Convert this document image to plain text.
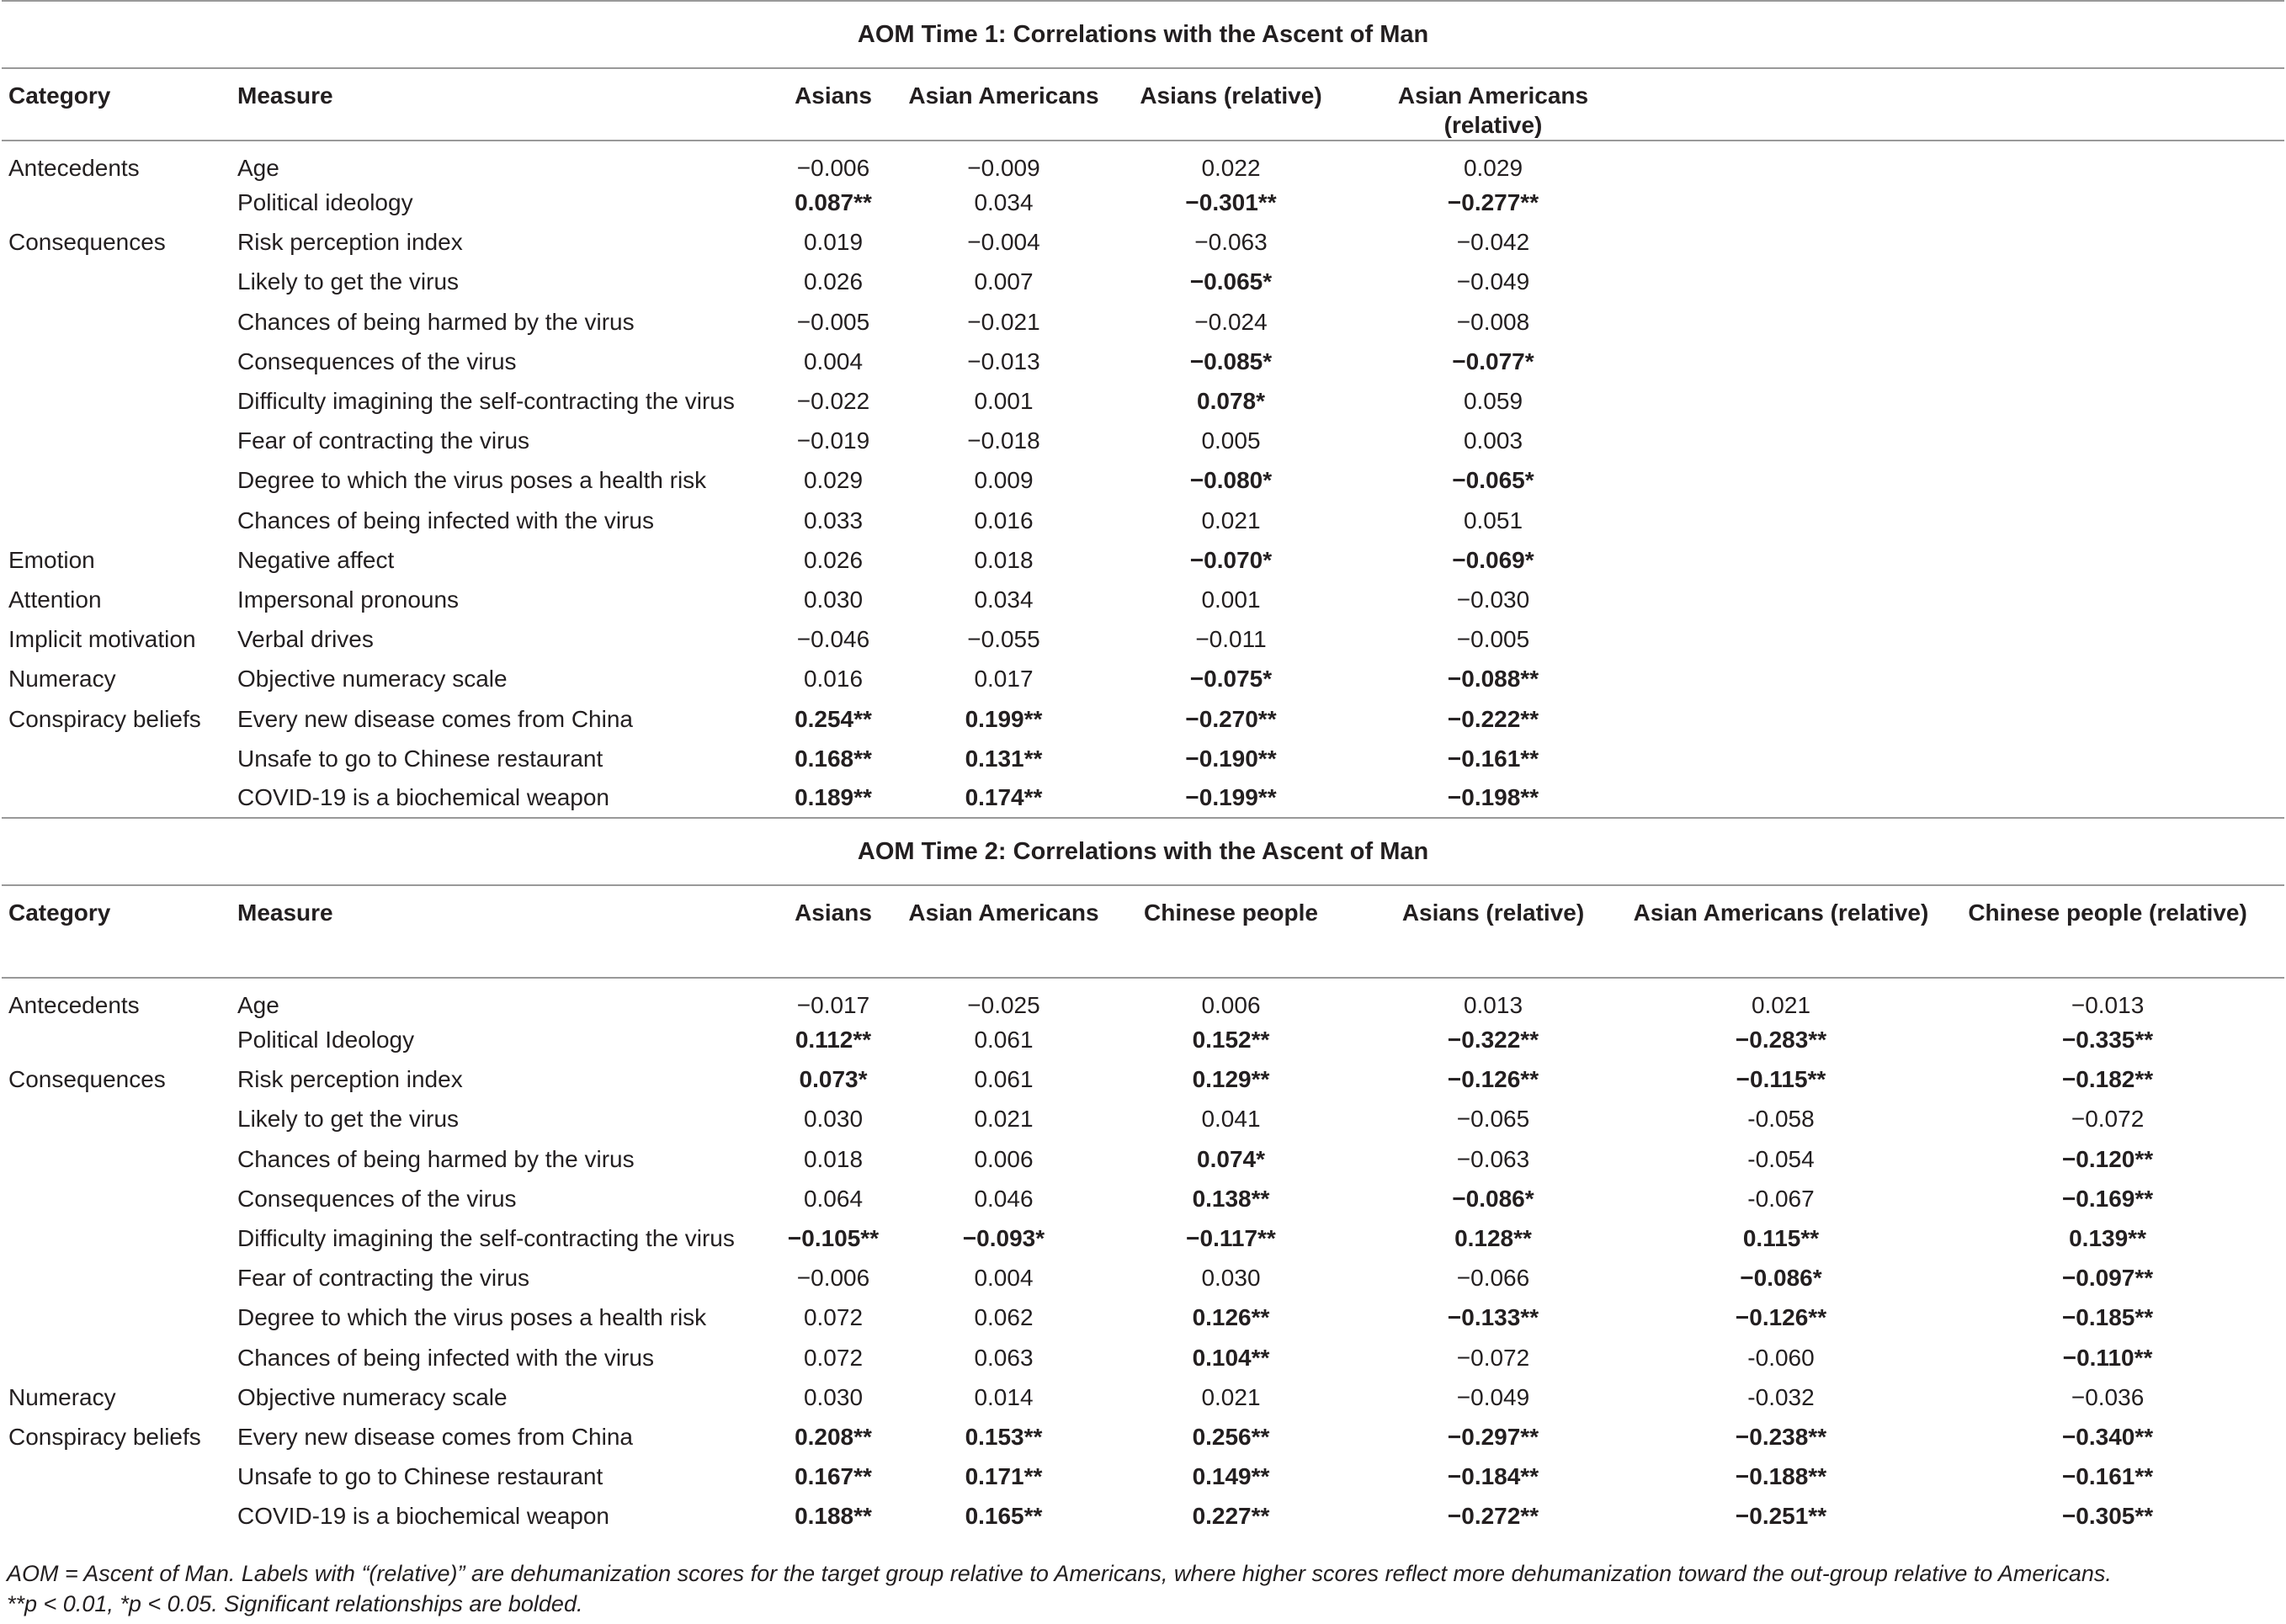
AOM Time 1: Correlations with the Ascent of Man							
Category	Measure	Asians	Asian Americans	Asians (relative)	Asian Americans (relative)		
Antecedents	Age	−0.006	−0.009	0.022	0.029		
	Political ideology	0.087**	0.034	−0.301**	−0.277**		
Consequences	Risk perception index	0.019	−0.004	−0.063	−0.042		
	Likely to get the virus	0.026	0.007	−0.065*	−0.049		
	Chances of being harmed by the virus	−0.005	−0.021	−0.024	−0.008		
	Consequences of the virus	0.004	−0.013	−0.085*	−0.077*		
	Difficulty imagining the self-contracting the virus	−0.022	0.001	0.078*	0.059		
	Fear of contracting the virus	−0.019	−0.018	0.005	0.003		
	Degree to which the virus poses a health risk	0.029	0.009	−0.080*	−0.065*		
	Chances of being infected with the virus	0.033	0.016	0.021	0.051		
Emotion	Negative affect	0.026	0.018	−0.070*	−0.069*		
Attention	Impersonal pronouns	0.030	0.034	0.001	−0.030		
Implicit motivation	Verbal drives	−0.046	−0.055	−0.011	−0.005		
Numeracy	Objective numeracy scale	0.016	0.017	−0.075*	−0.088**		
Conspiracy beliefs	Every new disease comes from China	0.254**	0.199**	−0.270**	−0.222**		
	Unsafe to go to Chinese restaurant	0.168**	0.131**	−0.190**	−0.161**		
	COVID-19 is a biochemical weapon	0.189**	0.174**	−0.199**	−0.198**		
AOM Time 2: Correlations with the Ascent of Man							
Category	Measure	Asians	Asian Americans	Chinese people	Asians (relative)	Asian Americans (relative)	Chinese people (relative)
Antecedents	Age	−0.017	−0.025	0.006	0.013	0.021	−0.013
	Political Ideology	0.112**	0.061	0.152**	−0.322**	−0.283**	−0.335**
Consequences	Risk perception index	0.073*	0.061	0.129**	−0.126**	−0.115**	−0.182**
	Likely to get the virus	0.030	0.021	0.041	−0.065	-0.058	−0.072
	Chances of being harmed by the virus	0.018	0.006	0.074*	−0.063	-0.054	−0.120**
	Consequences of the virus	0.064	0.046	0.138**	−0.086*	-0.067	−0.169**
	Difficulty imagining the self-contracting the virus	−0.105**	−0.093*	−0.117**	0.128**	0.115**	0.139**
	Fear of contracting the virus	−0.006	0.004	0.030	−0.066	−0.086*	−0.097**
	Degree to which the virus poses a health risk	0.072	0.062	0.126**	−0.133**	−0.126**	−0.185**
	Chances of being infected with the virus	0.072	0.063	0.104**	−0.072	-0.060	−0.110**
Numeracy	Objective numeracy scale	0.030	0.014	0.021	−0.049	-0.032	−0.036
Conspiracy beliefs	Every new disease comes from China	0.208**	0.153**	0.256**	−0.297**	−0.238**	−0.340**
	Unsafe to go to Chinese restaurant	0.167**	0.171**	0.149**	−0.184**	−0.188**	−0.161**
	COVID-19 is a biochemical weapon	0.188**	0.165**	0.227**	−0.272**	−0.251**	−0.305**
AOM = Ascent of Man. Labels with “(relative)” are dehumanization scores for the target group relative to Americans, where higher scores reflect more dehumanization toward the out-group relative to Americans.
**p < 0.01, *p < 0.05. Significant relationships are bolded.
